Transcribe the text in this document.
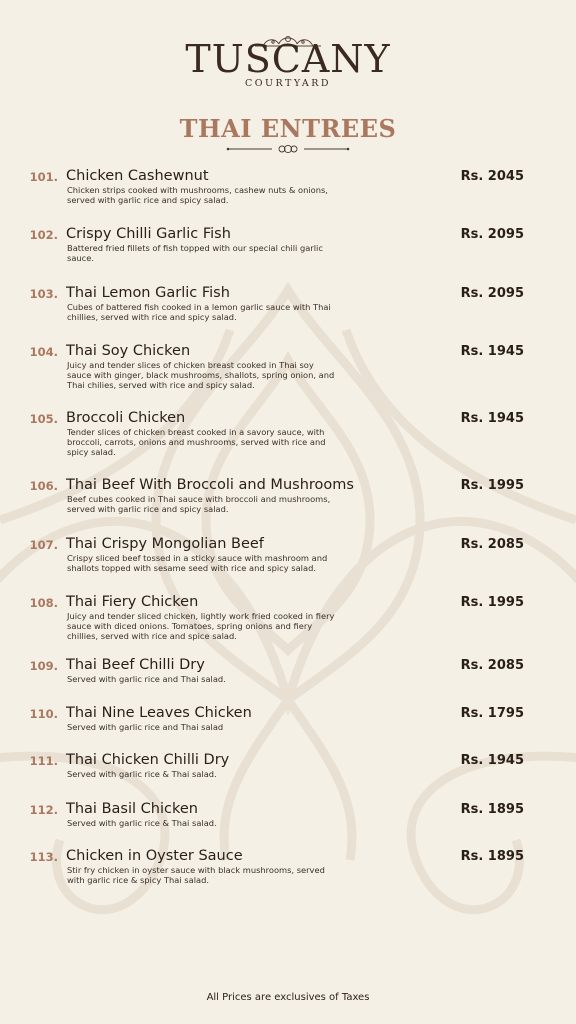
TUSCANY
COURTYARD
THAI ENTREES
101. Chicken Cashewnut
Chicken strips cooked with mushrooms, cashew nuts & onions, served with garlic rice and spicy salad.
Rs. 2045
102. Crispy Chilli Garlic Fish
Battered fried fillets of fish topped with our special chili garlic sauce.
Rs. 2095
103. Thai Lemon Garlic Fish
Cubes of battered fish cooked in a lemon garlic sauce with Thai chillies, served with rice and spicy salad.
Rs. 2095
104. Thai Soy Chicken
Juicy and tender slices of chicken breast cooked in Thai soy sauce with ginger, black mushrooms, shallots, spring onion, and Thai chilies, served with rice and spicy salad.
Rs. 1945
105. Broccoli Chicken
Tender slices of chicken breast cooked in a savory sauce, with broccoli, carrots, onions and mushrooms, served with rice and spicy salad.
Rs. 1945
106. Thai Beef With Broccoli and Mushrooms
Beef cubes cooked in Thai sauce with broccoli and mushrooms, served with garlic rice and spicy salad.
Rs. 1995
107. Thai Crispy Mongolian Beef
Crispy sliced beef tossed in a sticky sauce with mashroom and shallots topped with sesame seed with rice and spicy salad.
Rs. 2085
108. Thai Fiery Chicken
Juicy and tender sliced chicken, lightly work fried cooked in fiery sauce with diced onions. Tomatoes, spring onions and fiery chillies, served with rice and spice salad.
Rs. 1995
109. Thai Beef Chilli Dry
Served with garlic rice and Thai salad.
Rs. 2085
110. Thai Nine Leaves Chicken
Served with garlic rice and Thai salad
Rs. 1795
111. Thai Chicken Chilli Dry
Served with garlic rice & Thai salad.
Rs. 1945
112. Thai Basil Chicken
Served with garlic rice & Thai salad.
Rs. 1895
113. Chicken in Oyster Sauce
Stir fry chicken in oyster sauce with black mushrooms, served with garlic rice & spicy Thai salad.
Rs. 1895
All Prices are exclusives of Taxes
